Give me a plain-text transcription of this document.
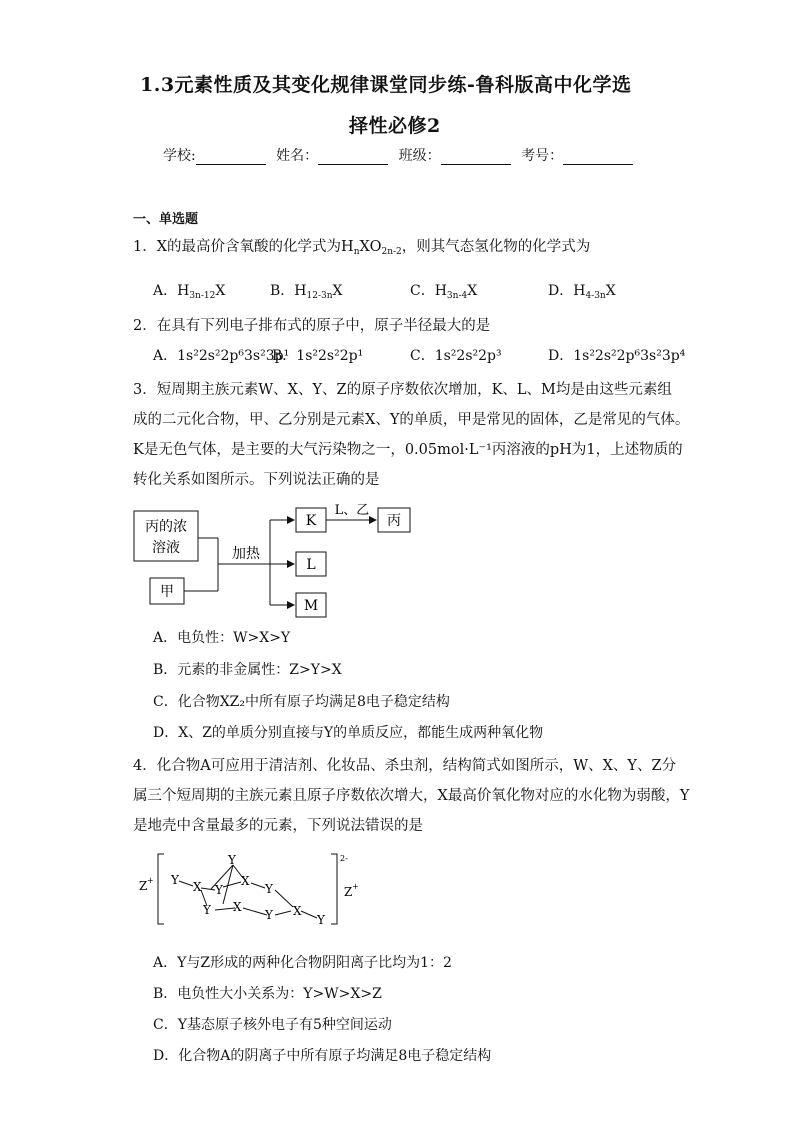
1.3元素性质及其变化规律课堂同步练-鲁科版高中化学选
择性必修2
学校:	姓名：	班级：	考号：
一、单选题
1．X的最高价含氧酸的化学式为$H_nXO_{2n-2}$，则其气态氢化物的化学式为
A．$H_{3n-12}X$	B．$H_{12-3n}X$	C．$H_{3n-4}X$	D．$H_{4-3n}X$
2．在具有下列电子排布式的原子中，原子半径最大的是
A．1s²2s²2p⁶3s²3p¹
B．1s²2s²2p¹	C．1s²2s²2p³	D．1s²2s²2p⁶3s²3p⁴
3．短周期主族元素W、X、Y、Z的原子序数依次增加，K、L、M均是由这些元素组
成的二元化合物，甲、乙分别是元素X、Y的单质，甲是常见的固体，乙是常见的气体。
K是无色气体，是主要的大气污染物之一，0.05mol·L⁻¹丙溶液的pH为1，上述物质的
转化关系如图所示。下列说法正确的是
丙的浓
溶液
甲
加热
K
L
M
L、乙
丙
A．电负性：W>X>Y
B．元素的非金属性：Z>Y>X
C．化合物XZ₂中所有原子均满足8电子稳定结构
D．X、Z的单质分别直接与Y的单质反应，都能生成两种氧化物
4．化合物A可应用于清洁剂、化妆品、杀虫剂，结构简式如图所示，W、X、Y、Z分
属三个短周期的主族元素且原子序数依次增大，X最高价氧化物对应的水化物为弱酸，Y
是地壳中含量最多的元素，下列说法错误的是
Z +
2-
Z +
Y X Y
Y
X
Y
Y X
Y X
Y
A．Y与Z形成的两种化合物阴阳离子比均为1：2
B．电负性大小关系为：Y>W>X>Z
C．Y基态原子核外电子有5种空间运动
D．化合物A的阴离子中所有原子均满足8电子稳定结构
